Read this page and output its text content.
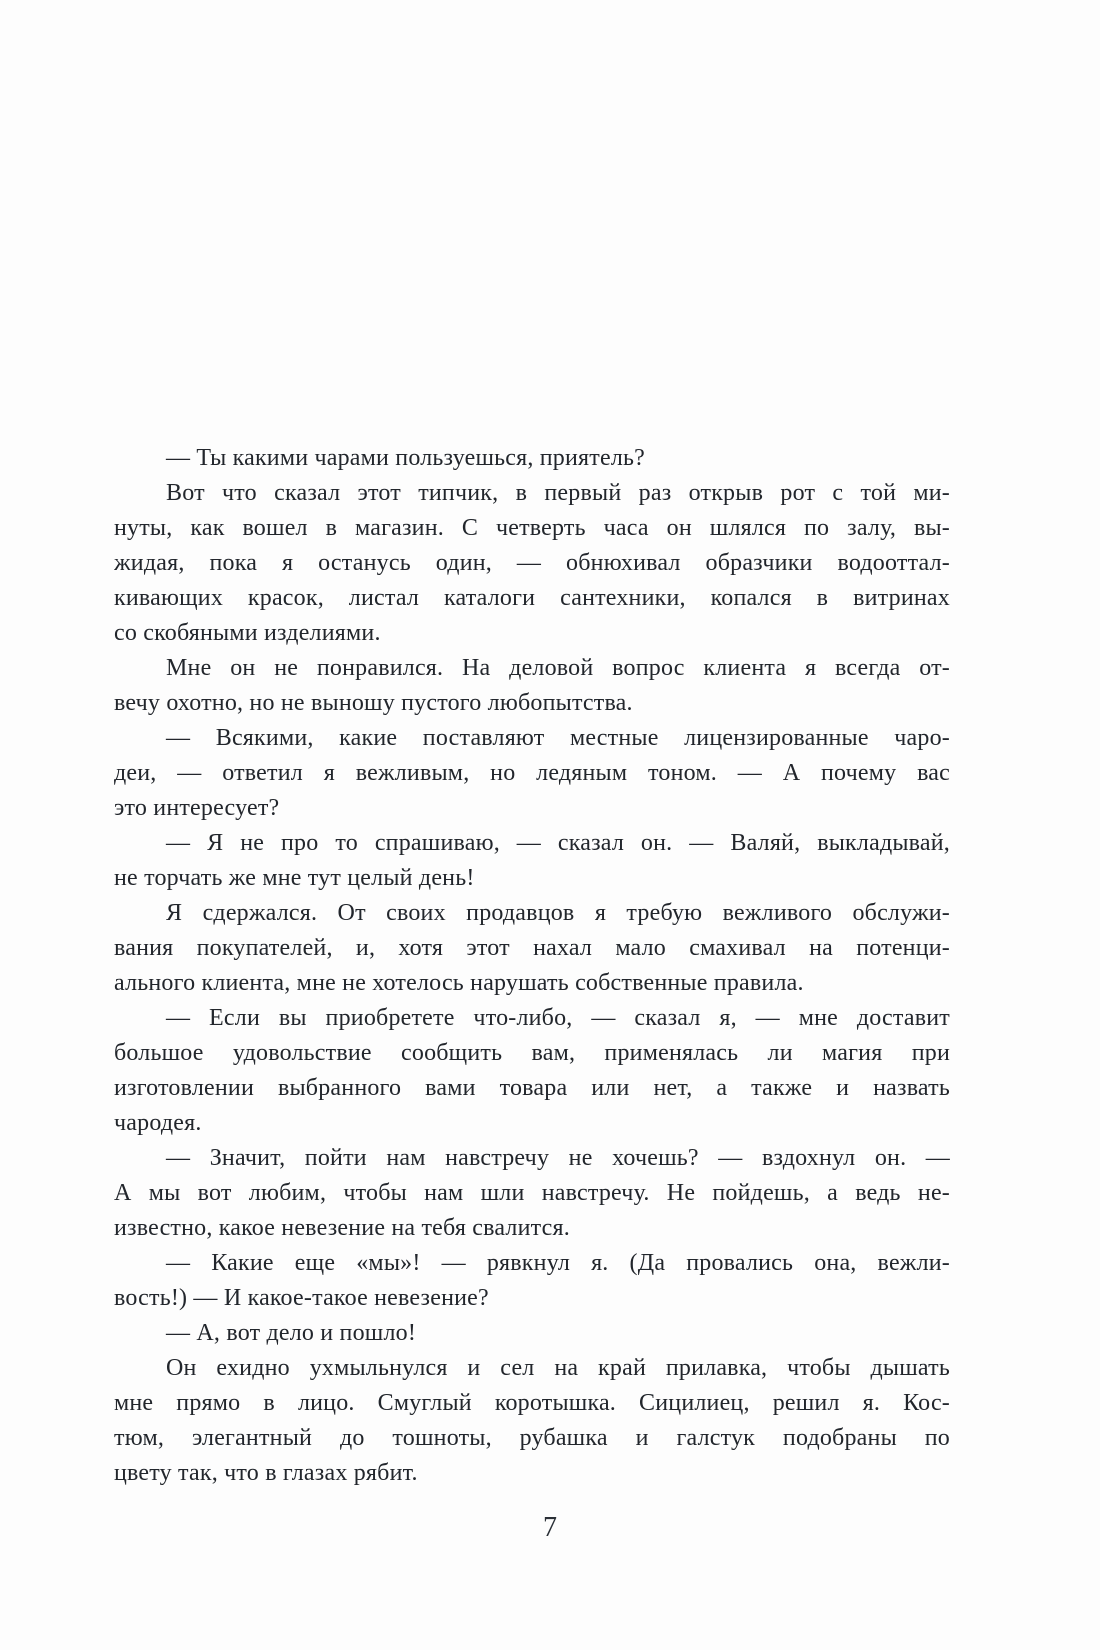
— Ты какими чарами пользуешься, приятель?
Вот что сказал этот типчик, в первый раз открыв рот с той ми-
нуты, как вошел в магазин. С четверть часа он шлялся по залу, вы-
жидая, пока я останусь один, — обнюхивал образчики водооттал-
кивающих красок, листал каталоги сантехники, копался в витринах
со скобяными изделиями.
Мне он не понравился. На деловой вопрос клиента я всегда от-
вечу охотно, но не выношу пустого любопытства.
— Всякими, какие поставляют местные лицензированные чаро-
деи, — ответил я вежливым, но ледяным тоном. — А почему вас
это интересует?
— Я не про то спрашиваю, — сказал он. — Валяй, выкладывай,
не торчать же мне тут целый день!
Я сдержался. От своих продавцов я требую вежливого обслужи-
вания покупателей, и, хотя этот нахал мало смахивал на потенци-
ального клиента, мне не хотелось нарушать собственные правила.
— Если вы приобретете что-либо, — сказал я, — мне доставит
большое удовольствие сообщить вам, применялась ли магия при
изготовлении выбранного вами товара или нет, а также и назвать
чародея.
— Значит, пойти нам навстречу не хочешь? — вздохнул он. —
А мы вот любим, чтобы нам шли навстречу. Не пойдешь, а ведь не-
известно, какое невезение на тебя свалится.
— Какие еще «мы»! — рявкнул я. (Да провались она, вежли-
вость!) — И какое-такое невезение?
— А, вот дело и пошло!
Он ехидно ухмыльнулся и сел на край прилавка, чтобы дышать
мне прямо в лицо. Смуглый коротышка. Сицилиец, решил я. Кос-
тюм, элегантный до тошноты, рубашка и галстук подобраны по
цвету так, что в глазах рябит.
7
